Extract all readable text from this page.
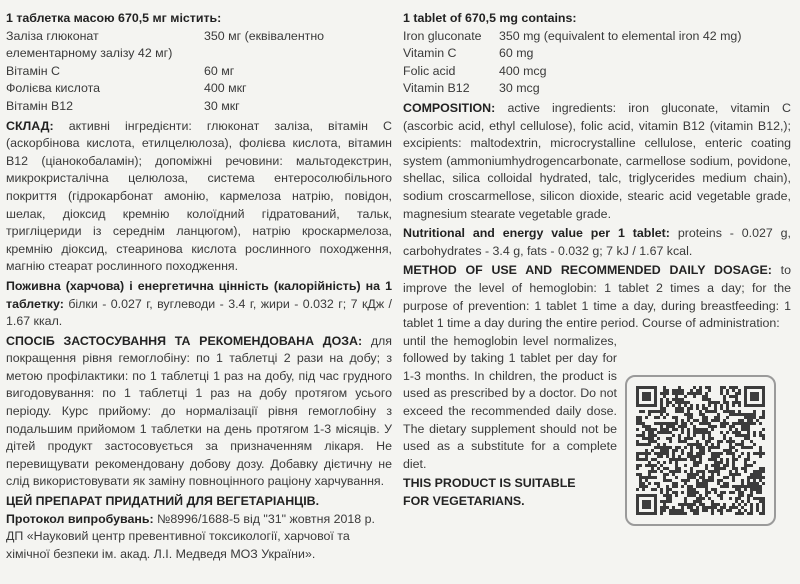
1 таблетка масою 670,5 мг містить:

Заліза глюконат	350 мг (еквівалентно
елементарному залізу 42 мг)
Вітамін С	60 мг
Фолієва кислота	400 мкг
Вітамін В12	30 мкг

СКЛАД: активні інгредієнти: глюконат заліза, вітамін С (аскорбінова кислота, етилцелюлоза), фолієва кислота, вітамин В12 (ціанокобаламін); допоміжні речовини: мальтодекстрин, микрокристалічна целюлоза, система ентеросолюбільного покриття (гідрокарбонат амонію, кармелоза натрію, повідон, шелак, діоксид кремнію колоїдний гідратований, тальк, тригліцериди із середнім ланцюгом), натрію кроскармелоза, кремнію діоксид, стеаринова кислота рослинного походження, магнію стеарат рослинного походження.

Поживна (харчова) і енергетична цінність (калорійність) на 1 таблетку: білки - 0.027 г, вуглеводи - 3.4 г, жири - 0.032 г; 7 кДж / 1.67 ккал.

СПОСІБ ЗАСТОСУВАННЯ ТА РЕКОМЕНДОВАНА ДОЗА: для покращення рівня гемоглобіну: по 1 таблетці 2 рази на добу; з метою профілактики: по 1 таблетці 1 раз на добу, під час грудного вигодовування: по 1 таблетці 1 раз на добу протягом усього періоду. Курс прийому: до нормалізації рівня гемоглобіну з подальшим прийомом 1 таблетки на день протягом 1-3 місяців. У дітей продукт застосовується за призначенням лікаря. Не перевищувати рекомендовану добову дозу. Добавку дієтичну не слід використовувати як заміну повноцінного раціону харчування.

ЦЕЙ ПРЕПАРАТ ПРИДАТНИЙ ДЛЯ ВЕГЕТАРІАНЦІВ.

Протокол випробувань: №8996/1688-5 від "31" жовтня 2018 р. ДП «Науковий центр превентивної токсикології, харчової та хімічної безпеки ім. акад. Л.І. Медведя МОЗ України».

1 tablet of 670,5 mg contains:

Iron gluconate	350 mg (equivalent to elemental iron 42 mg)
Vitamin C	60 mg
Folic acid	400 mcg
Vitamin B12	30 mcg

COMPOSITION: active ingredients: iron gluconate, vitamin C (ascorbic acid, ethyl cellulose), folic acid, vitamin B12 (vitamin B12,); excipients: maltodextrin, microcrystalline cellulose, enteric coating system (ammoniumhydrogencarbonate, carmellose sodium, povidone, shellac, silica colloidal hydrated, talc, triglycerides medium chain), sodium croscarmellose, silicon dioxide, stearic acid vegetable grade, magnesium stearate vegetable grade.

Nutritional and energy value per 1 tablet: proteins - 0.027 g, carbohydrates - 3.4 g, fats - 0.032 g; 7 kJ / 1.67 kcal.

METHOD OF USE AND RECOMMENDED DAILY DOSAGE: to improve the level of hemoglobin: 1 tablet 2 times a day; for the purpose of prevention: 1 tablet 1 time a day, during breastfeeding: 1 tablet 1 time a day during the entire period. Course of administration:

until the hemoglobin level normalizes, followed by taking 1 tablet per day for 1-3 months. In children, the product is used as prescribed by a doctor. Do not exceed the recommended daily dose. The dietary supplement should not be used as a substitute for a complete diet.

THIS PRODUCT IS SUITABLE
FOR VEGETARIANS.
